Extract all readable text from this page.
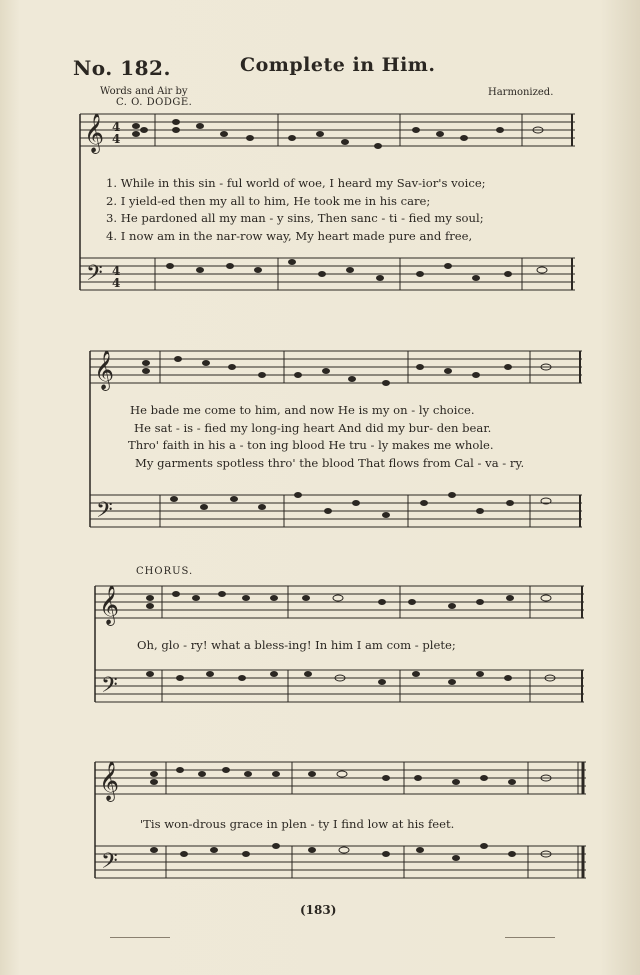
No. 182.	Complete in Him.
Words and Air by
C. O. DODGE.
Harmonized.
𝄞
𝄢
4
4
4
4
1. While in this sin - ful world of woe, I heard my Sav-ior's voice;
2. I yield-ed then my all to him, He took me in his care;
3. He pardoned all my man - y sins, Then sanc - ti - fied my soul;
4. I now am in the nar-row way, My heart made pure and free,
𝄞
𝄢
He bade me come to him, and now He is my on - ly choice.
He sat - is - fied my long-ing heart And did my bur- den bear.
Thro' faith in his a - ton ing blood He tru - ly makes me whole.
My garments spotless thro' the blood That flows from Cal - va - ry.
CHORUS.
𝄞
𝄢
Oh, glo - ry! what a bless-ing! In him I am com - plete;
𝄞
𝄢
'Tis won-drous grace in plen - ty I find low at his feet.
(183)
